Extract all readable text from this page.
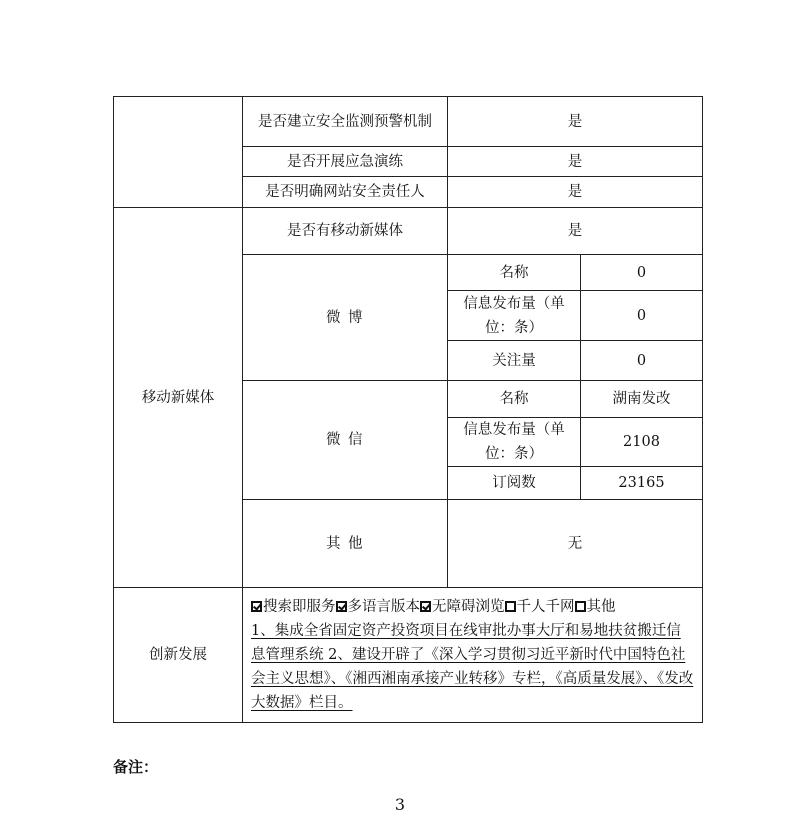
	是否建立安全监测预警机制	是	
	是否开展应急演练	是	
	是否明确网站安全责任人	是	
移动新媒体	是否有移动新媒体	是	
	微 博	名称	0
		信息发布量（单位：条）	0
		关注量	0
	微 信	名称	湖南发改
		信息发布量（单位：条）	2108
		订阅数	23165
	其 他	无	
创新发展	搜索即服务 多语言版本 无障碍浏览 千人千网 其他
1、集成全省固定资产投资项目在线审批办事大厅和易地扶贫搬迁信息管理系统 2、建设开辟了《深入学习贯彻习近平新时代中国特色社会主义思想》、《湘西湘南承接产业转移》专栏，《高质量发展》、《发改大数据》栏目。		
备注：
3
